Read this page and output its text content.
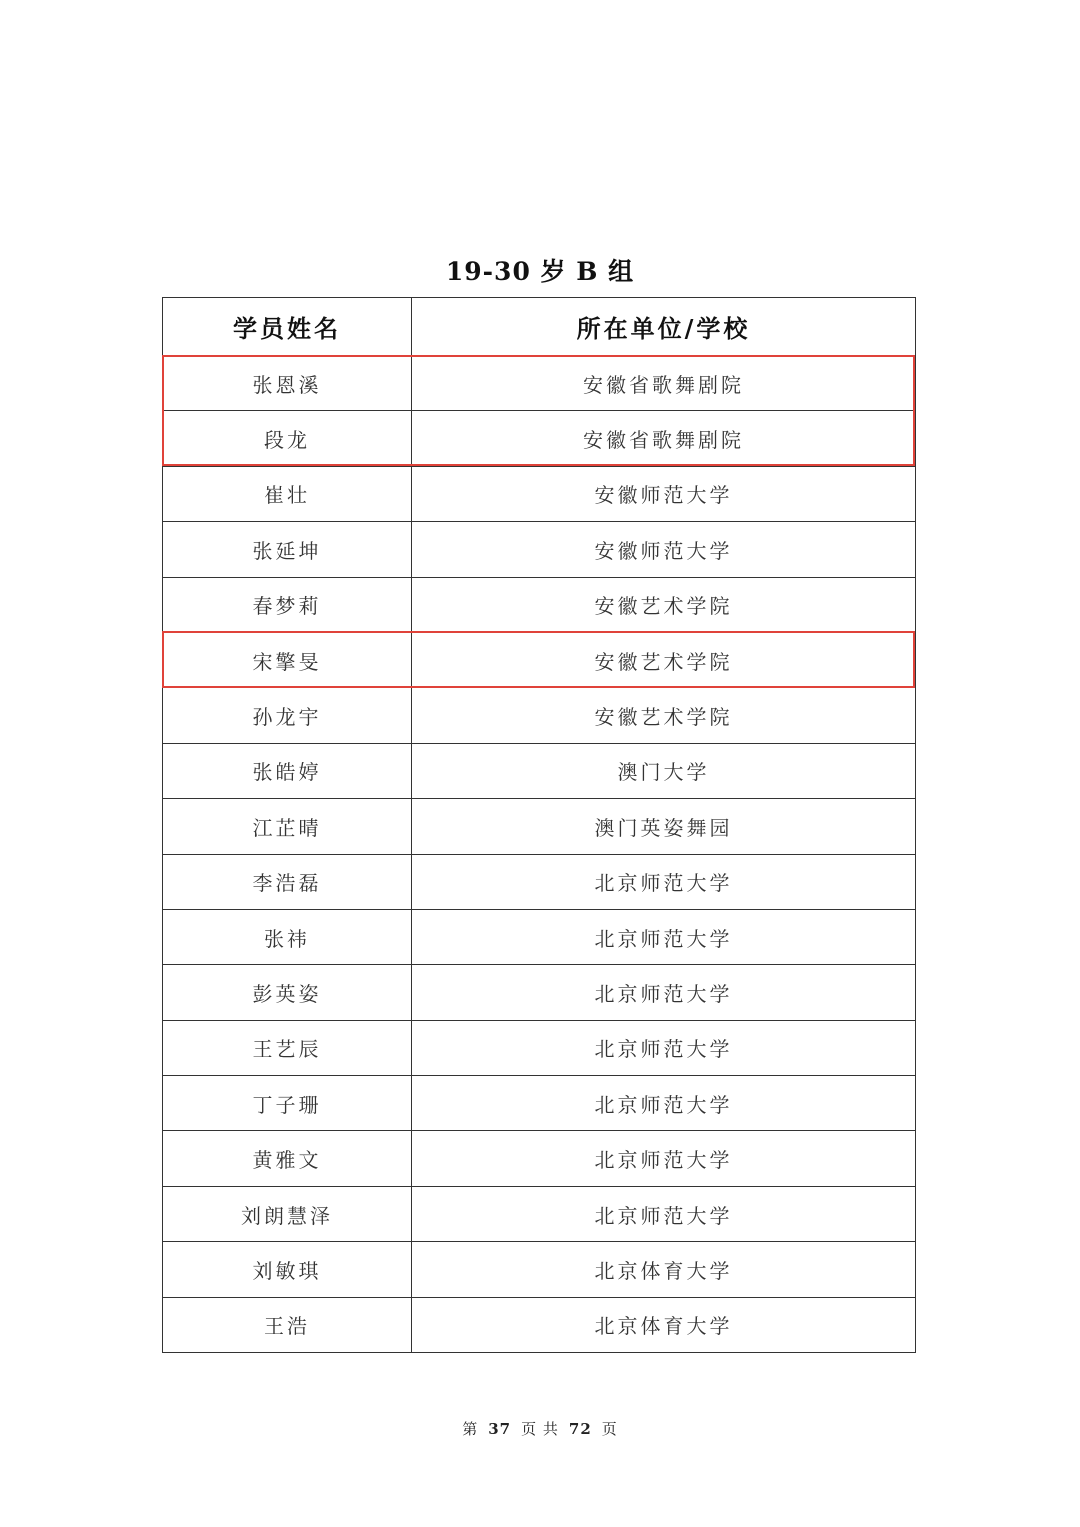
19-30 岁 B 组
学员姓名	所在单位/学校
张恩溪	安徽省歌舞剧院
段龙	安徽省歌舞剧院
崔壮	安徽师范大学
张延坤	安徽师范大学
春梦莉	安徽艺术学院
宋擎旻	安徽艺术学院
孙龙宇	安徽艺术学院
张皓婷	澳门大学
江芷晴	澳门英姿舞园
李浩磊	北京师范大学
张祎	北京师范大学
彭英姿	北京师范大学
王艺辰	北京师范大学
丁子珊	北京师范大学
黄雅文	北京师范大学
刘朗慧泽	北京师范大学
刘敏琪	北京体育大学
王浩	北京体育大学
第 37 页 共 72 页
